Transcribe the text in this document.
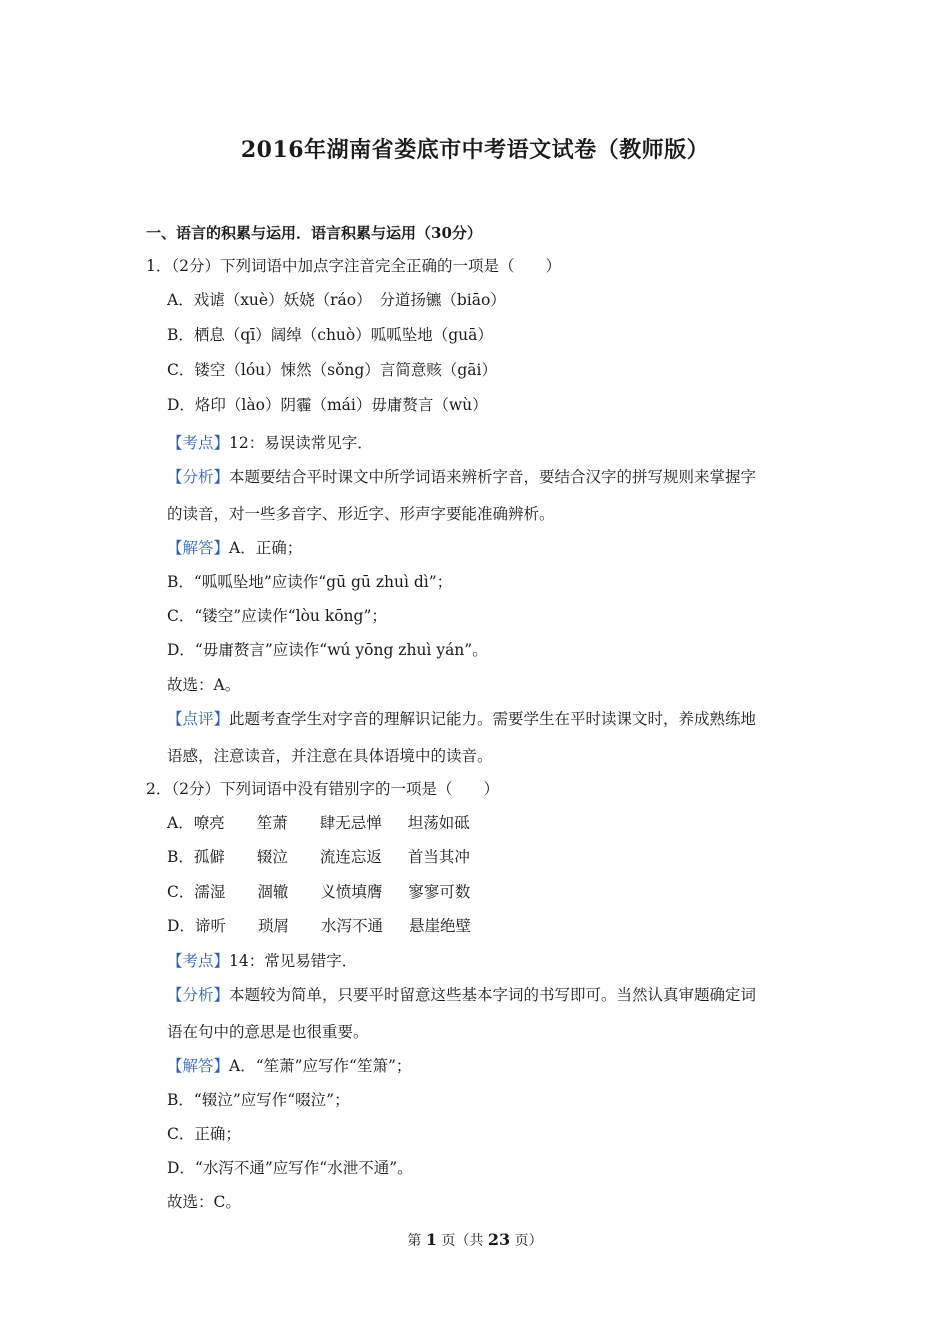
2016年湖南省娄底市中考语文试卷（教师版）
一、语言的积累与运用．语言积累与运用（30分）
1．（2分）下列词语中加点字注音完全正确的一项是（　　）
A．戏谑（xuè）妖娆（ráo）　分道扬镳（biāo）
B．栖息（qī）阔绰（chuò）呱呱坠地（guā）
C．镂空（lóu）悚然（sǒng）言简意赅（gāi）
D．烙印（lào）阴霾（mái）毋庸赘言（wù）
【考点】12：易误读常见字．
【分析】本题要结合平时课文中所学词语来辨析字音，要结合汉字的拼写规则来掌握字
的读音，对一些多音字、形近字、形声字要能准确辨析。
【解答】A．正确；
B．“呱呱坠地”应读作“gū gū zhuì dì”；
C．“镂空”应读作“lòu kōng”；
D．“毋庸赘言”应读作“wú yōng zhuì yán”。
故选：A。
【点评】此题考查学生对字音的理解识记能力。需要学生在平时读课文时，养成熟练地
语感，注意读音，并注意在具体语境中的读音。
2．（2分）下列词语中没有错别字的一项是（　　）
A．嘹亮 笙萧 肆无忌惮 坦荡如砥
B．孤僻 辍泣 流连忘返 首当其冲
C．濡湿 涸辙 义愤填膺 寥寥可数
D．谛听 琐屑 水泻不通 悬崖绝壁
【考点】14：常见易错字．
【分析】本题较为简单，只要平时留意这些基本字词的书写即可。当然认真审题确定词
语在句中的意思是也很重要。
【解答】A．“笙萧”应写作“笙箫”；
B．“辍泣”应写作“啜泣”；
C．正确；
D．“水泻不通”应写作“水泄不通”。
故选：C。
第 1 页（共 23 页）
